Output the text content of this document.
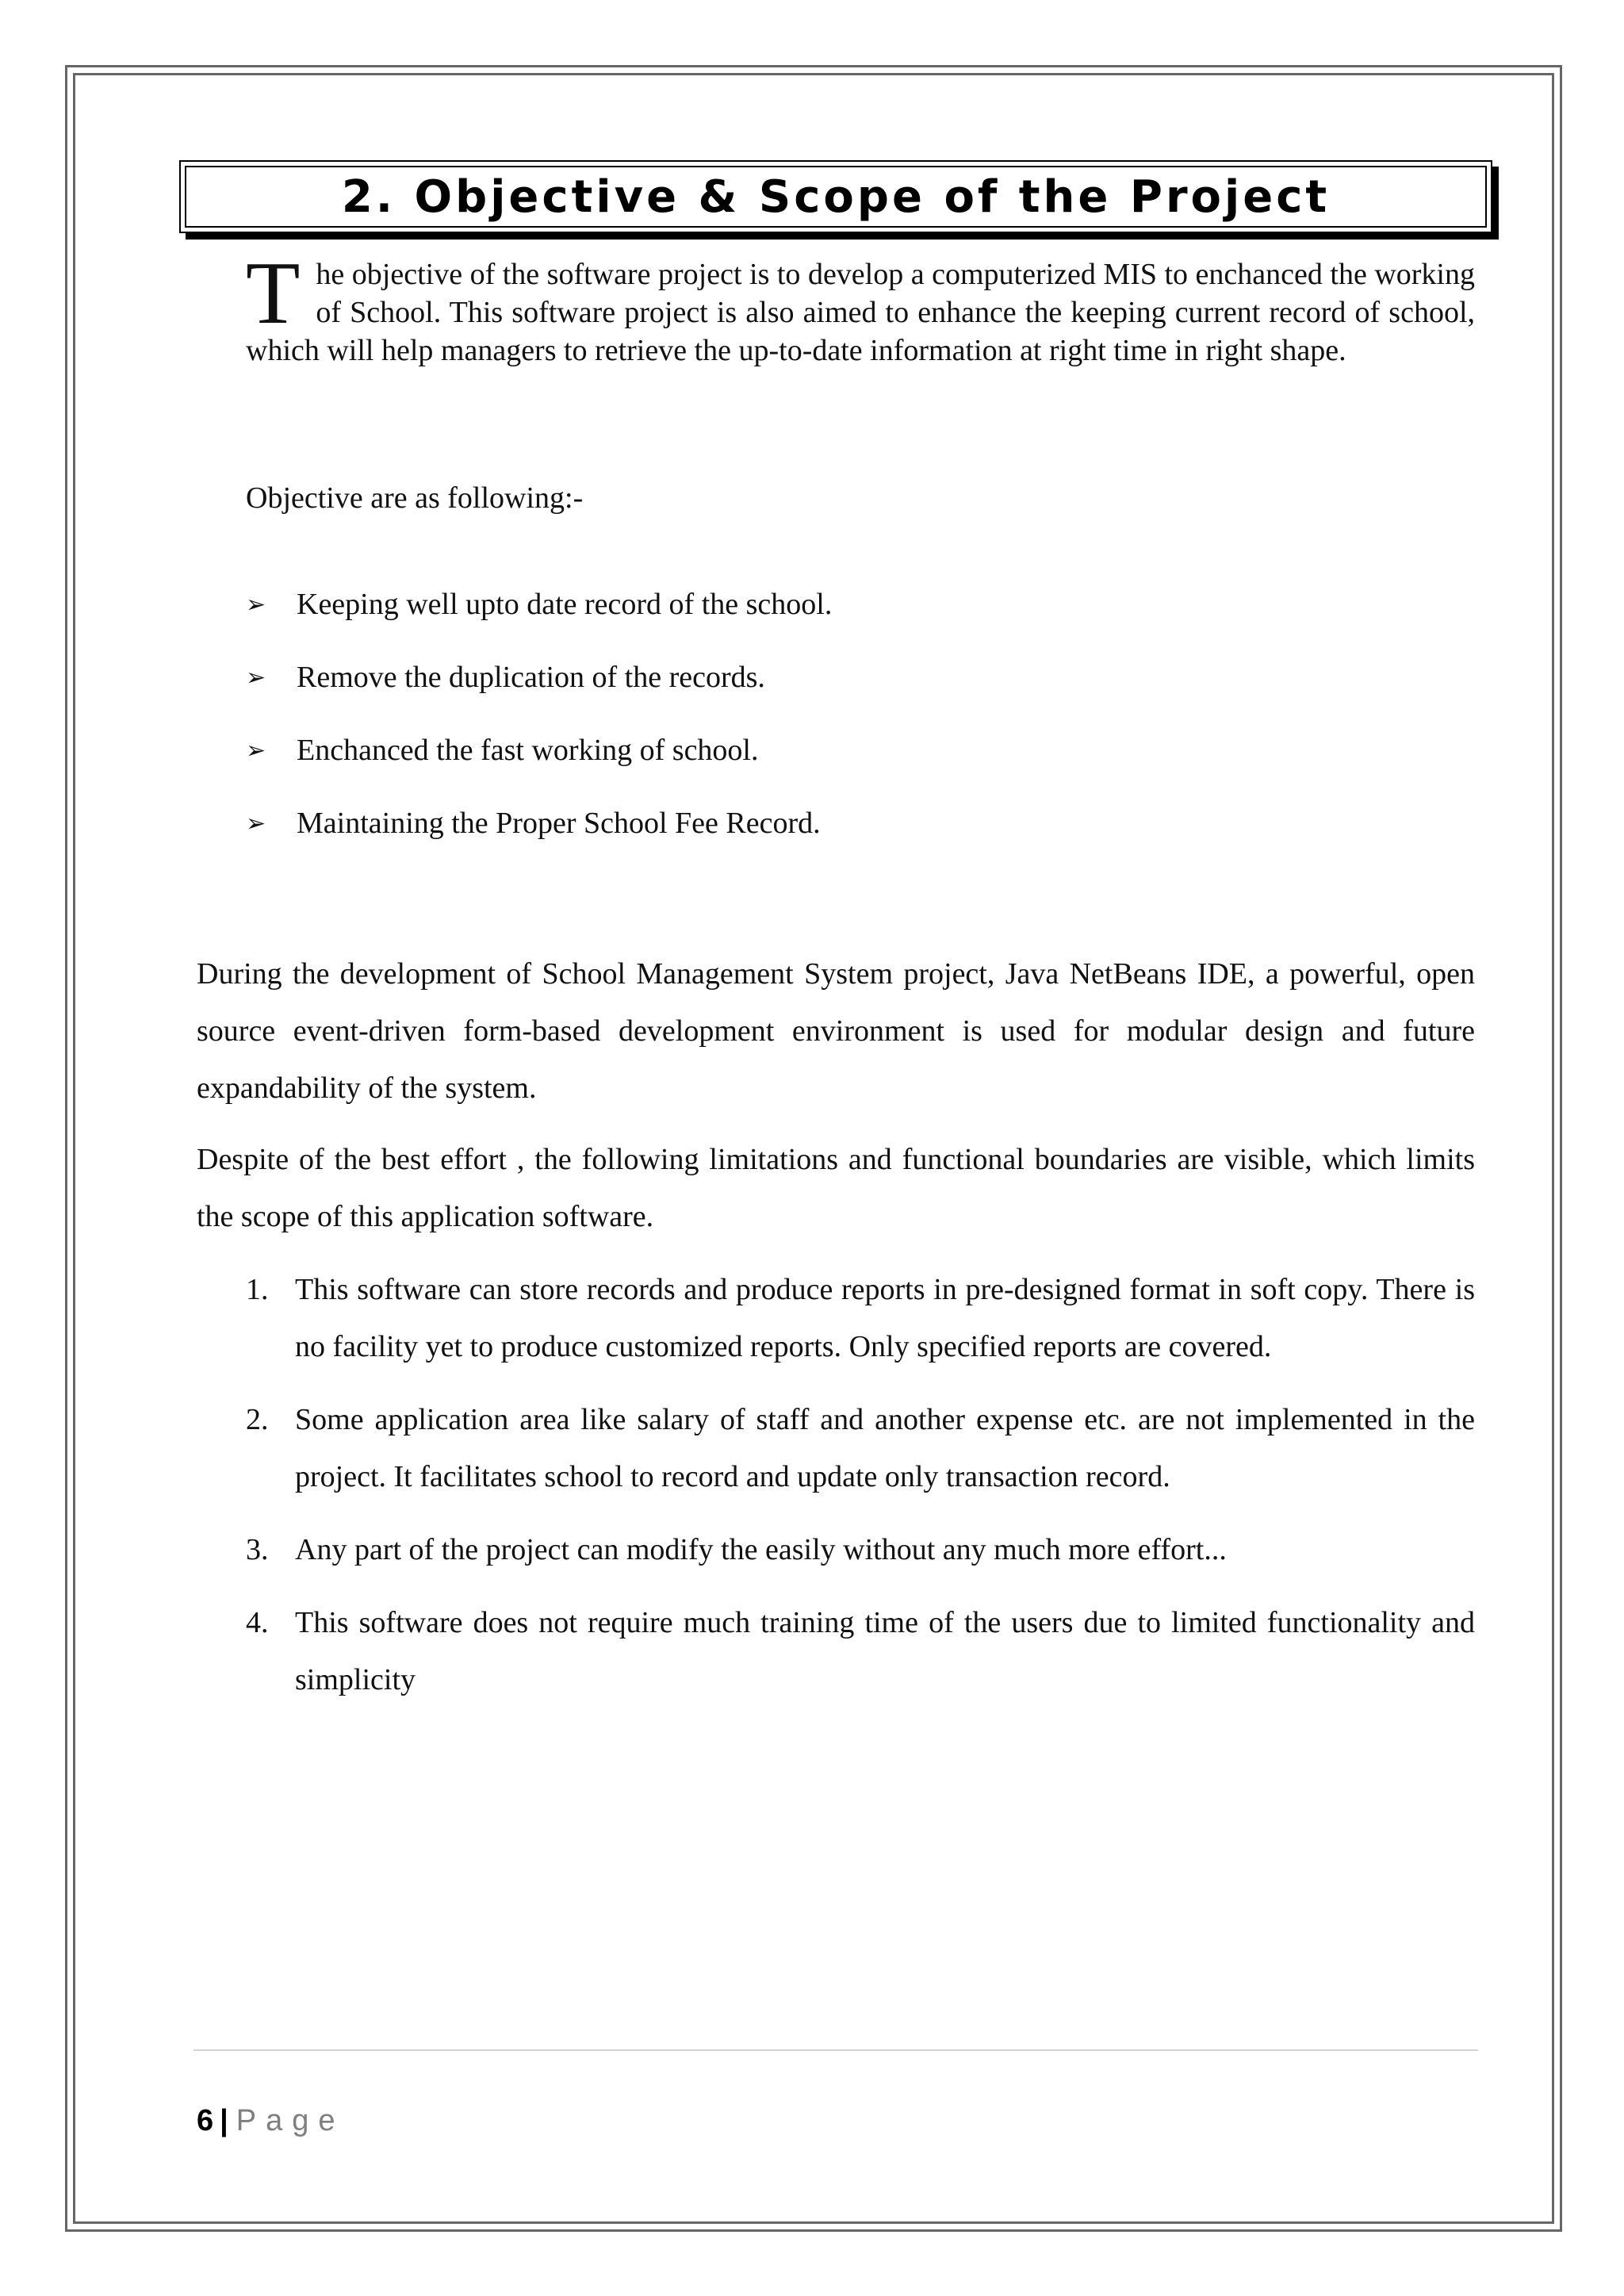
2. Objective & Scope of the Project
T he objective of the software project is to develop a computerized MIS to enchanced the working of School. This software project is also aimed to enhance the keeping current record of school, which will help managers to retrieve the up-to-date information at right time in right shape.
Objective are as following:-
➢	Keeping well upto date record of the school.
➢	Remove the duplication of the records.
➢	Enchanced the fast working of school.
➢	Maintaining the Proper School Fee Record.

During the development of School Management System project, Java NetBeans IDE, a powerful, open source event-driven form-based development environment is used for modular design and future expandability of the system.

Despite of the best effort , the following limitations and functional boundaries are visible, which limits the scope of this application software.

1. This software can store records and produce reports in pre-designed format in soft copy. There is no facility yet to produce customized reports. Only specified reports are covered.
2. Some application area like salary of staff and another expense etc. are not implemented in the project. It facilitates school to record and update only transaction record.
3. Any part of the project can modify the easily without any much more effort...
4. This software does not require much training time of the users due to limited functionality and simplicity
6 | Page
